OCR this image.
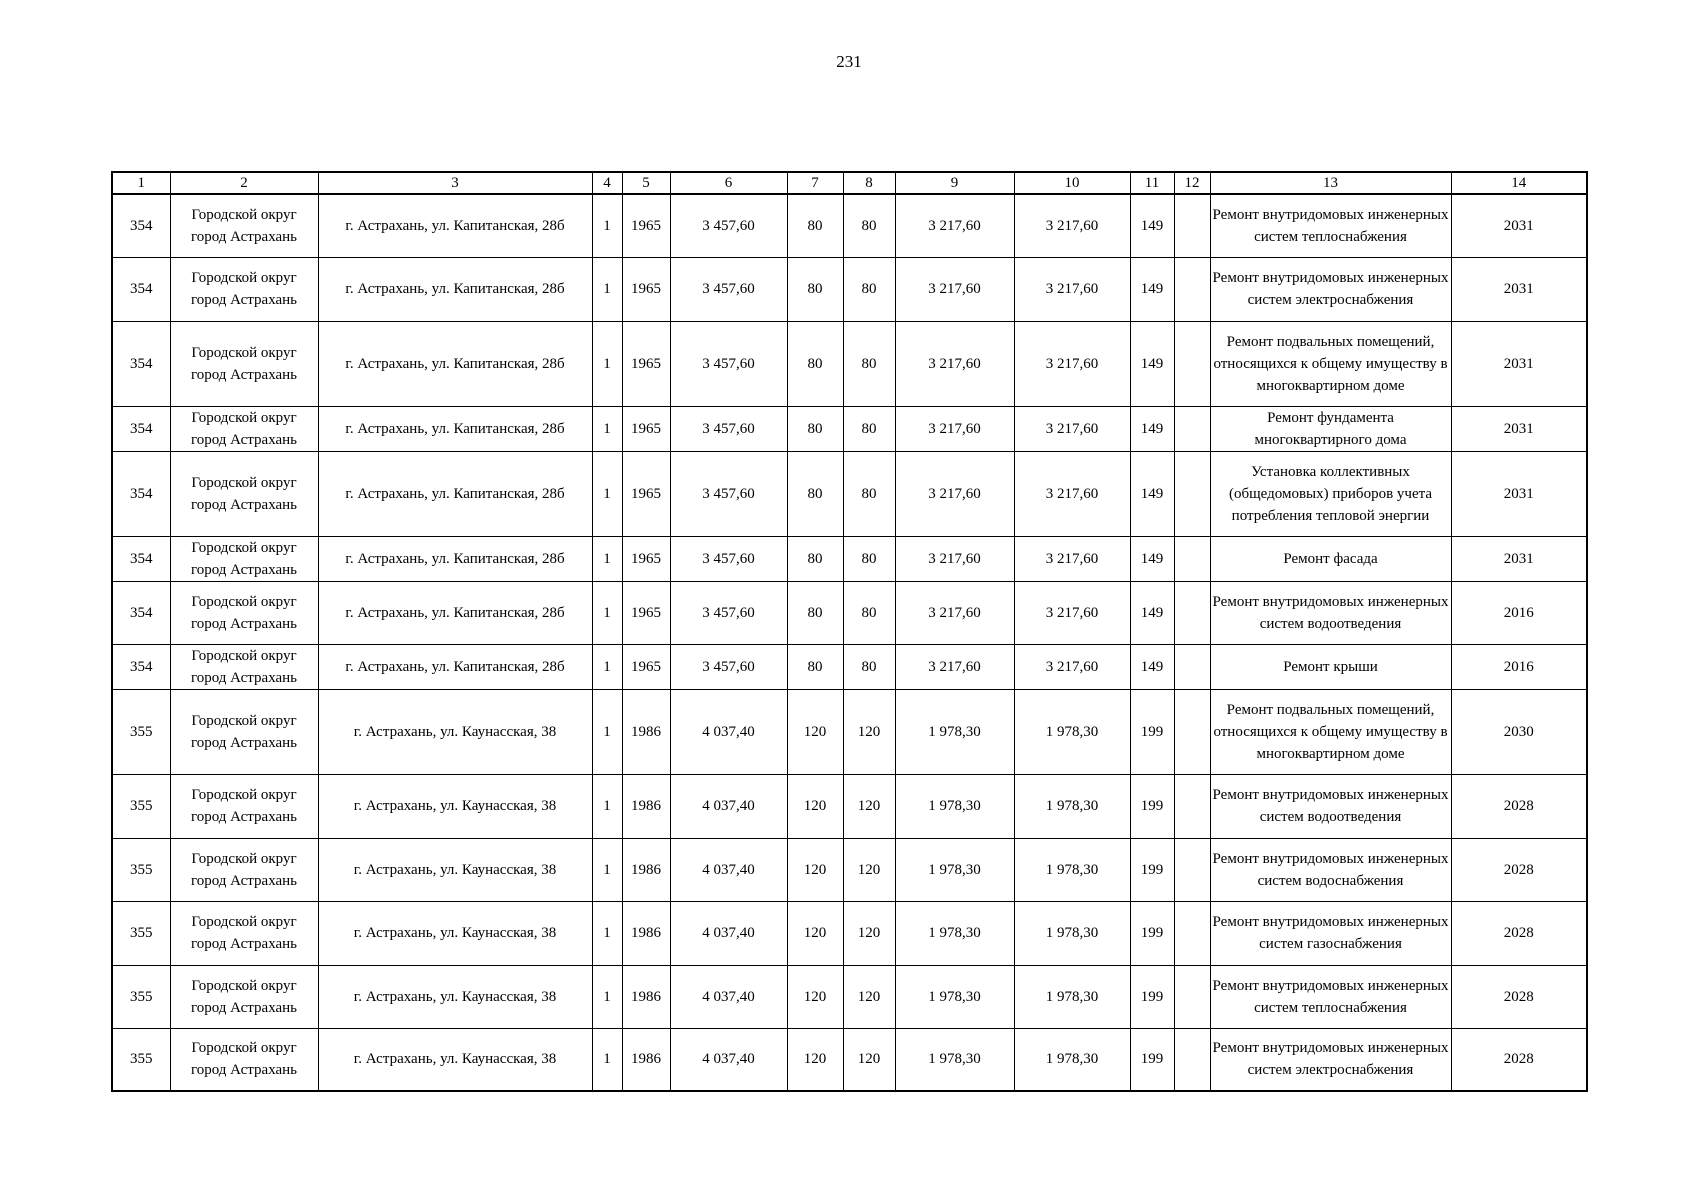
231
1	2	3	4	5	6	7	8	9	10	11	12	13	14
354	Городской округ город Астрахань	г. Астрахань, ул. Капитанская, 28б	1	1965	3 457,60	80	80	3 217,60	3 217,60	149		Ремонт внутридомовых инженерных систем теплоснабжения	2031
354	Городской округ город Астрахань	г. Астрахань, ул. Капитанская, 28б	1	1965	3 457,60	80	80	3 217,60	3 217,60	149		Ремонт внутридомовых инженерных систем электроснабжения	2031
354	Городской округ город Астрахань	г. Астрахань, ул. Капитанская, 28б	1	1965	3 457,60	80	80	3 217,60	3 217,60	149		Ремонт подвальных помещений, относящихся к общему имуществу в многоквартирном доме	2031
354	Городской округ город Астрахань	г. Астрахань, ул. Капитанская, 28б	1	1965	3 457,60	80	80	3 217,60	3 217,60	149		Ремонт фундамента многоквартирного дома	2031
354	Городской округ город Астрахань	г. Астрахань, ул. Капитанская, 28б	1	1965	3 457,60	80	80	3 217,60	3 217,60	149		Установка коллективных (общедомовых) приборов учета потребления тепловой энергии	2031
354	Городской округ город Астрахань	г. Астрахань, ул. Капитанская, 28б	1	1965	3 457,60	80	80	3 217,60	3 217,60	149		Ремонт фасада	2031
354	Городской округ город Астрахань	г. Астрахань, ул. Капитанская, 28б	1	1965	3 457,60	80	80	3 217,60	3 217,60	149		Ремонт внутридомовых инженерных систем водоотведения	2016
354	Городской округ город Астрахань	г. Астрахань, ул. Капитанская, 28б	1	1965	3 457,60	80	80	3 217,60	3 217,60	149		Ремонт крыши	2016
355	Городской округ город Астрахань	г. Астрахань, ул. Каунасская, 38	1	1986	4 037,40	120	120	1 978,30	1 978,30	199		Ремонт подвальных помещений, относящихся к общему имуществу в многоквартирном доме	2030
355	Городской округ город Астрахань	г. Астрахань, ул. Каунасская, 38	1	1986	4 037,40	120	120	1 978,30	1 978,30	199		Ремонт внутридомовых инженерных систем водоотведения	2028
355	Городской округ город Астрахань	г. Астрахань, ул. Каунасская, 38	1	1986	4 037,40	120	120	1 978,30	1 978,30	199		Ремонт внутридомовых инженерных систем водоснабжения	2028
355	Городской округ город Астрахань	г. Астрахань, ул. Каунасская, 38	1	1986	4 037,40	120	120	1 978,30	1 978,30	199		Ремонт внутридомовых инженерных систем газоснабжения	2028
355	Городской округ город Астрахань	г. Астрахань, ул. Каунасская, 38	1	1986	4 037,40	120	120	1 978,30	1 978,30	199		Ремонт внутридомовых инженерных систем теплоснабжения	2028
355	Городской округ город Астрахань	г. Астрахань, ул. Каунасская, 38	1	1986	4 037,40	120	120	1 978,30	1 978,30	199		Ремонт внутридомовых инженерных систем электроснабжения	2028
